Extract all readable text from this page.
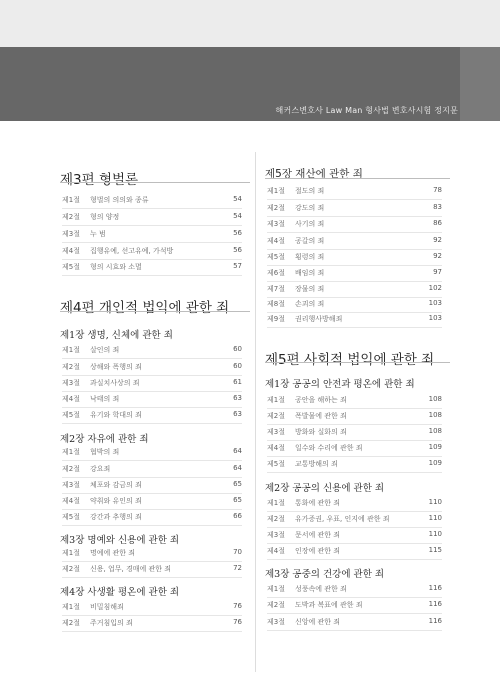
해커스변호사 Law Man 형사법 변호사시험 정지문
제3편 형벌론
제1절 형벌의 의의와 종류	54
제2절 형의 양정	54
제3절 누 범	56
제4절 집행유예, 선고유예, 가석방	56
제5절 형의 시효와 소멸	57
제4편 개인적 법익에 관한 죄
제1장 생명, 신체에 관한 죄
제1절 살인의 죄	60
제2절 상해와 폭행의 죄	60
제3절 과실치사상의 죄	61
제4절 낙태의 죄	63
제5절 유기와 학대의 죄	63
제2장 자유에 관한 죄
제1절 협박의 죄	64
제2절 강요죄	64
제3절 체포와 감금의 죄	65
제4절 약취와 유인의 죄	65
제5절 강간과 추행의 죄	66
제3장 명예와 신용에 관한 죄
제1절 명예에 관한 죄	70
제2절 신용, 업무, 경매에 관한 죄	72
제4장 사생활 평온에 관한 죄
제1절 비밀침해죄	76
제2절 주거침입의 죄	76
제5장 재산에 관한 죄
제1절 절도의 죄	78
제2절 강도의 죄	83
제3절 사기의 죄	86
제4절 공갈의 죄	92
제5절 횡령의 죄	92
제6절 배임의 죄	97
제7절 장물의 죄	102
제8절 손괴의 죄	103
제9절 권리행사방해죄	103
제5편 사회적 법익에 관한 죄
제1장 공공의 안전과 평온에 관한 죄
제1절 공안을 해하는 죄	108
제2절 폭발물에 관한 죄	108
제3절 방화와 실화의 죄	108
제4절 일수와 수리에 관한 죄	109
제5절 교통방해의 죄	109
제2장 공공의 신용에 관한 죄
제1절 통화에 관한 죄	110
제2절 유가증권, 우표, 인지에 관한 죄	110
제3절 문서에 관한 죄	110
제4절 인장에 관한 죄	115
제3장 공중의 건강에 관한 죄
제1절 성풍속에 관한 죄	116
제2절 도박과 복표에 관한 죄	116
제3절 신앙에 관한 죄	116
